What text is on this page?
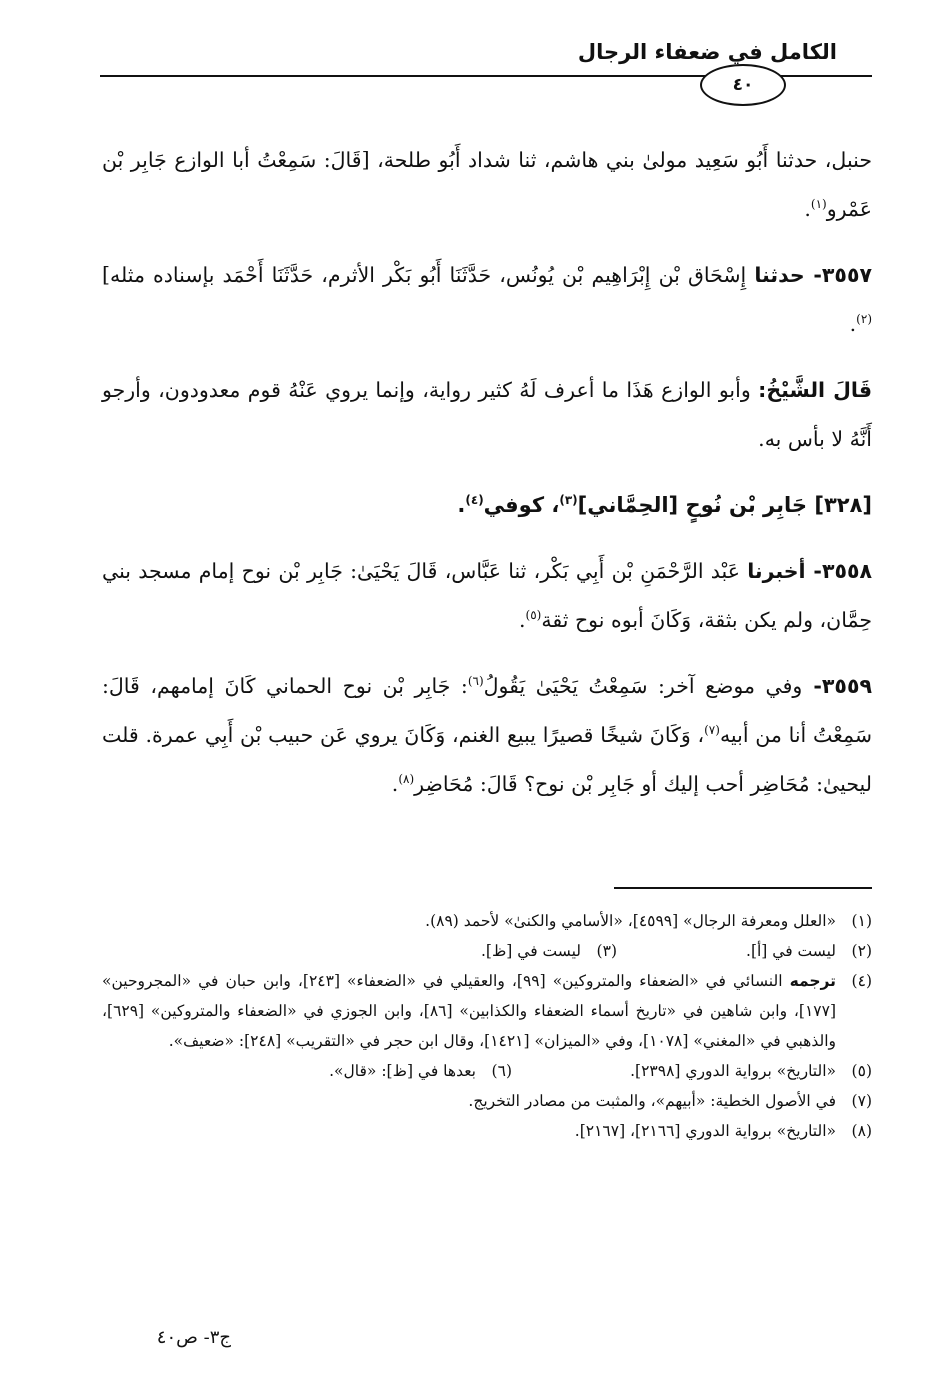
الكامل في ضعفاء الرجال
٤٠

حنبل، حدثنا أَبُو سَعِيد مولىٰ بني هاشم، ثنا شداد أَبُو طلحة، [قَالَ: سَمِعْتُ أبا الوازع جَابِر بْن عَمْرو$^{(١)}$.

٣٥٥٧- حدثنا إِسْحَاق بْن إِبْرَاهِيم بْن يُونُس، حَدَّثَنَا أَبُو بَكْر الأثرم، حَدَّثَنَا أَحْمَد بإسناده مثله]$^{(٢)}$.

قَالَ الشَّيْخُ: وأبو الوازع هَذَا ما أعرف لَهُ كثير رواية، وإنما يروي عَنْهُ قوم معدودون، وأرجو أَنَّهُ لا بأس به.

[٣٢٨] جَابِر بْن نُوحٍ [الحِمَّاني]$^{(٣)}$، كوفي$^{(٤)}$.

٣٥٥٨- أخبرنا عَبْد الرَّحْمَنِ بْن أَبِي بَكْر، ثنا عَبَّاس، قَالَ يَحْيَىٰ: جَابِر بْن نوح إمام مسجد بني حِمَّان، ولم يكن بثقة، وَكَانَ أبوه نوح ثقة$^{(٥)}$.

٣٥٥٩- وفي موضع آخر: سَمِعْتُ يَحْيَىٰ يَقُولُ$^{(٦)}$: جَابِر بْن نوح الحماني كَانَ إمامهم، قَالَ: سَمِعْتُ أنا من أبيه$^{(٧)}$، وَكَانَ شيخًا قصيرًا يبيع الغنم، وَكَانَ يروي عَن حبيب بْن أَبِي عمرة. قلت ليحيىٰ: مُحَاضِر أحب إليك أو جَابِر بْن نوح؟ قَالَ: مُحَاضِر$^{(٨)}$.

(١)
«العلل ومعرفة الرجال» [٤٥٩٩]، «الأسامي والكنىٰ» لأحمد (٨٩).
(٢)
ليست في [أ].
(٣)
ليست في [ظ].
(٤)
ترجمه النسائي في «الضعفاء والمتروكين» [٩٩]، والعقيلي في «الضعفاء» [٢٤٣]، وابن حبان في «المجروحين» [١٧٧]، وابن شاهين في «تاريخ أسماء الضعفاء والكذابين» [٨٦]، وابن الجوزي في «الضعفاء والمتروكين» [٦٢٩]، والذهبي في «المغني» [١٠٧٨]، وفي «الميزان» [١٤٢١]، وقال ابن حجر في «التقريب» [٢٤٨]: «ضعيف».
(٥)
«التاريخ» برواية الدوري [٢٣٩٨].
(٦)
بعدها في [ظ]: «قال».
(٧)
في الأصول الخطية: «أبيهم»، والمثبت من مصادر التخريج.
(٨)
«التاريخ» برواية الدوري [٢١٦٦]، [٢١٦٧].
ج٣- ص٤٠
